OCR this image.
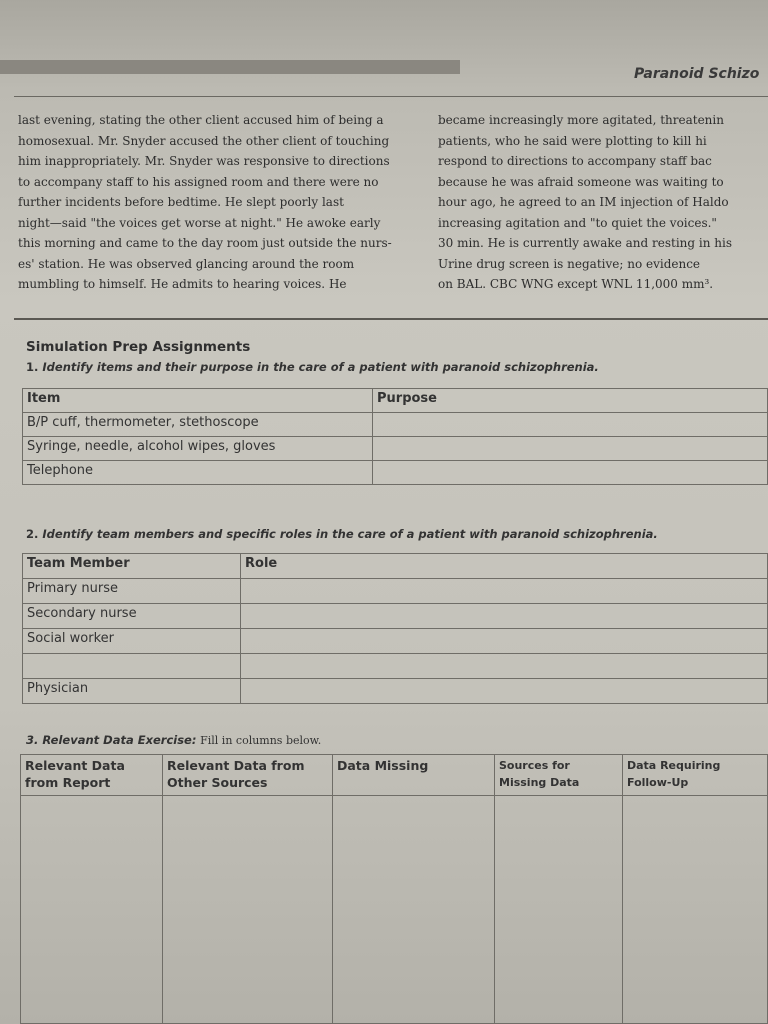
Paranoid Schizo
last evening, stating the other client accused him of being a
homosexual. Mr. Snyder accused the other client of touching
him inappropriately. Mr. Snyder was responsive to directions
to accompany staff to his assigned room and there were no
further incidents before bedtime. He slept poorly last
night—said "the voices get worse at night." He awoke early
this morning and came to the day room just outside the nurs-
es' station. He was observed glancing around the room
mumbling to himself. He admits to hearing voices. He
became increasingly more agitated, threatenin
patients, who he said were plotting to kill hi
respond to directions to accompany staff bac
because he was afraid someone was waiting to
hour ago, he agreed to an IM injection of Haldo
increasing agitation and "to quiet the voices."
30 min. He is currently awake and resting in his
Urine drug screen is negative; no evidence
on BAL. CBC WNG except WNL 11,000 mm³.
Simulation Prep Assignments
1. Identify items and their purpose in the care of a patient with paranoid schizophrenia.
Item	Purpose
B/P cuff, thermometer, stethoscope	
Syringe, needle, alcohol wipes, gloves	
Telephone	
2. Identify team members and specific roles in the care of a patient with paranoid schizophrenia.
Team Member	Role
Primary nurse	
Secondary nurse	
Social worker	

Physician	
3. Relevant Data Exercise: Fill in columns below.
Relevant Data from Report	Relevant Data from Other Sources	Data Missing	Sources for Missing Data	Data Requiring Follow-Up
